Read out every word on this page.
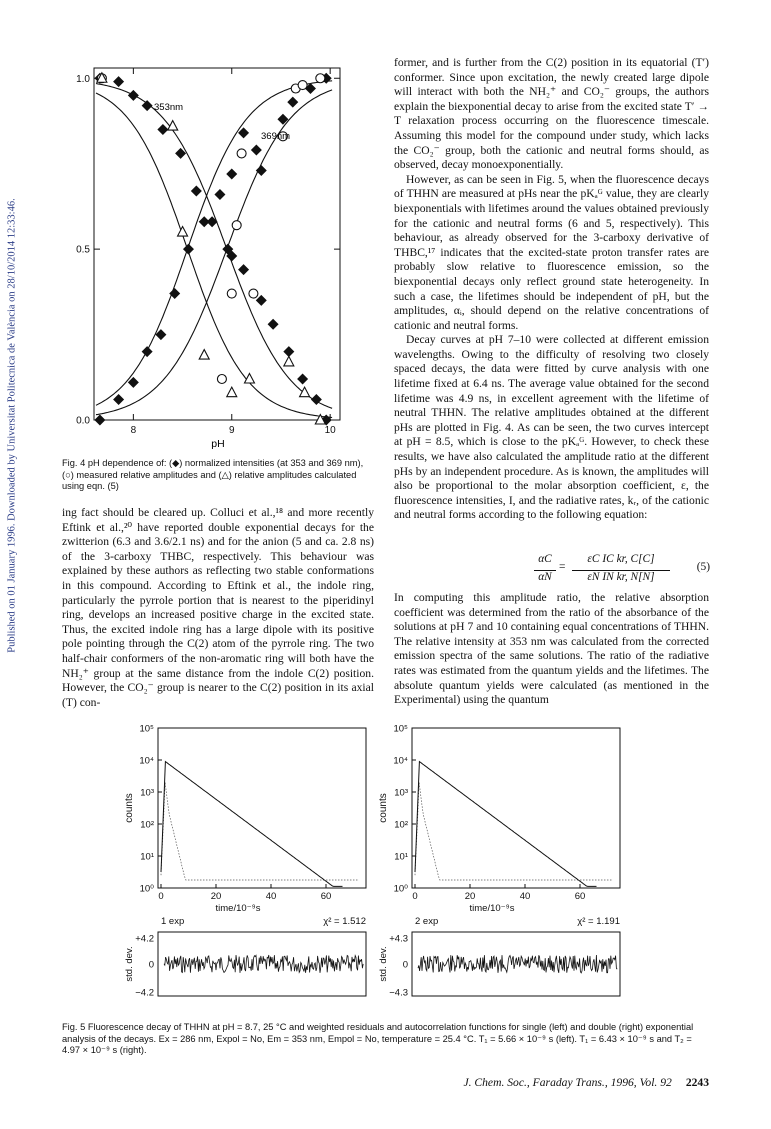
Published on 01 January 1996. Downloaded by Universitat Politecnica de València on 28/10/2014 12:33:46.	8	9	10
0.0
0.5
1.0
353nm
369nm
pH
Fig. 4 pH dependence of: (◆) normalized intensities (at 353 and 369 nm), (○) measured relative amplitudes and (△) relative amplitudes calculated using eqn. (5)

ing fact should be cleared up. Colluci et al.,¹⁸ and more recently Eftink et al.,²⁰ have reported double exponential decays for the zwitterion (6.3 and 3.6/2.1 ns) and for the anion (5 and ca. 2.8 ns) of the 3-carboxy THBC, respectively. This behaviour was explained by these authors as reflecting two stable conformations in this compound. According to Eftink et al., the indole ring, particularly the pyrrole portion that is nearest to the piperidinyl ring, develops an increased positive charge in the excited state. Thus, the excited indole ring has a large dipole with its positive pole pointing through the C(2) atom of the pyrrole ring. The two half-chair conformers of the non-aromatic ring will both have the NH₂⁺ group at the same distance from the indole C(2) position. However, the CO₂⁻ group is nearer to the C(2) position in its axial (T) con-

former, and is further from the C(2) position in its equatorial (T′) conformer. Since upon excitation, the newly created large dipole will interact with both the NH₂⁺ and CO₂⁻ groups, the authors explain the biexponential decay to arise from the excited state T′ → T relaxation process occurring on the fluorescence timescale. Assuming this model for the compound under study, which lacks the CO₂⁻ group, both the cationic and neutral forms should, as observed, decay monoexponentially.

However, as can be seen in Fig. 5, when the fluorescence decays of THHN are measured at pHs near the pKₐᴳ value, they are clearly biexponentials with lifetimes around the values obtained previously for the cationic and neutral forms (6 and 5, respectively). This behaviour, as already observed for the 3-carboxy derivative of THBC,¹⁷ indicates that the excited-state proton transfer rates are probably slow relative to fluorescence emission, so the biexponential decays only reflect ground state heterogeneity. In such a case, the lifetimes should be independent of pH, but the amplitudes, αᵢ, should depend on the relative concentrations of cationic and neutral forms.

Decay curves at pH 7–10 were collected at different emission wavelengths. Owing to the difficulty of resolving two closely spaced decays, the data were fitted by curve analysis with one lifetime fixed at 6.4 ns. The average value obtained for the second lifetime was 4.9 ns, in excellent agreement with the lifetime of neutral THHN. The relative amplitudes obtained at the different pHs are plotted in Fig. 4. As can be seen, the two curves intercept at pH = 8.5, which is close to the pKₐᴳ. However, to check these results, we have also calculated the amplitude ratio at the different pHs by an independent procedure. As is known, the amplitudes will also be proportional to the molar absorption coefficient, ε, the fluorescence intensities, I, and the radiative rates, kᵣ, of the cationic and neutral forms according to the following equation:

αC
αN
=
εC IC kr, C[C]
εN IN kr, N[N]
(5)

In computing this amplitude ratio, the relative absorption coefficient was determined from the ratio of the absorbance of the solutions at pH 7 and 10 containing equal concentrations of THHN. The relative intensity at 353 nm was calculated from the corrected emission spectra of the same solutions. The ratio of the radiative rates was estimated from the quantum yields and the lifetimes. The absolute quantum yields were calculated (as mentioned in the Experimental) using the quantum

10⁰
10¹
10²
10³
10⁴
10⁵
0	20	40	60
counts
time/10⁻⁹s
1 exp	χ² = 1.512
+4.2
0
−4.2
std. dev.
10⁰
10¹
10²
10³
10⁴
10⁵
0	20	40	60
counts
time/10⁻⁹s
2 exp	χ² = 1.191
+4.3
0
−4.3
std. dev.
Fig. 5 Fluorescence decay of THHN at pH = 8.7, 25 °C and weighted residuals and autocorrelation functions for single (left) and double (right) exponential analysis of the decays. Ex = 286 nm, Expol = No, Em = 353 nm, Empol = No, temperature = 25.4 °C. T₁ = 5.66 × 10⁻⁹ s (left). T₁ = 6.43 × 10⁻⁹ s and T₂ = 4.97 × 10⁻⁹ s (right).
J. Chem. Soc., Faraday Trans., 1996, Vol. 92 2243
